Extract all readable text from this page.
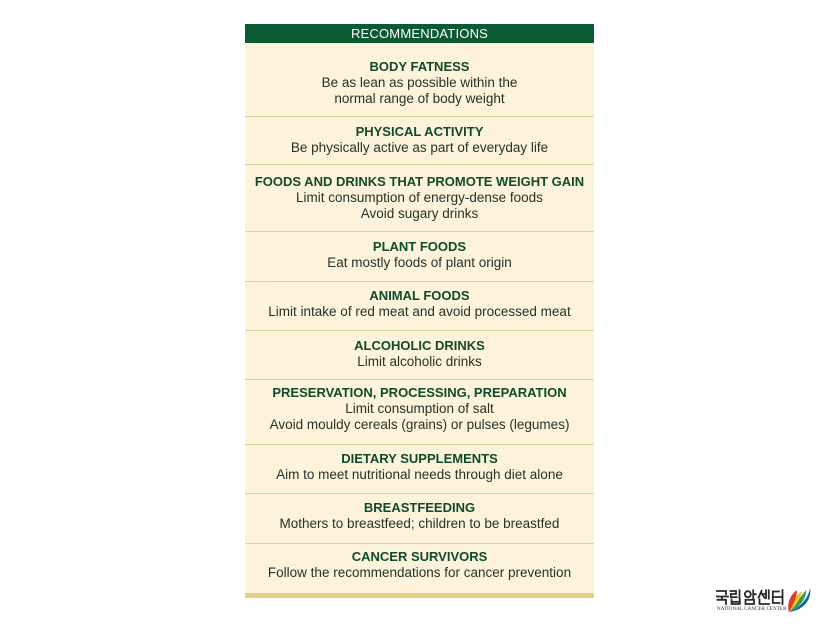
RECOMMENDATIONS
BODY FATNESS
Be as lean as possible within the
normal range of body weight
PHYSICAL ACTIVITY
Be physically active as part of everyday life
FOODS AND DRINKS THAT PROMOTE WEIGHT GAIN
Limit consumption of energy-dense foods
Avoid sugary drinks
PLANT FOODS
Eat mostly foods of plant origin
ANIMAL FOODS
Limit intake of red meat and avoid processed meat
ALCOHOLIC DRINKS
Limit alcoholic drinks
PRESERVATION, PROCESSING, PREPARATION
Limit consumption of salt
Avoid mouldy cereals (grains) or pulses (legumes)
DIETARY SUPPLEMENTS
Aim to meet nutritional needs through diet alone
BREASTFEEDING
Mothers to breastfeed; children to be breastfed
CANCER SURVIVORS
Follow the recommendations for cancer prevention
NATIONAL CANCER CENTER
